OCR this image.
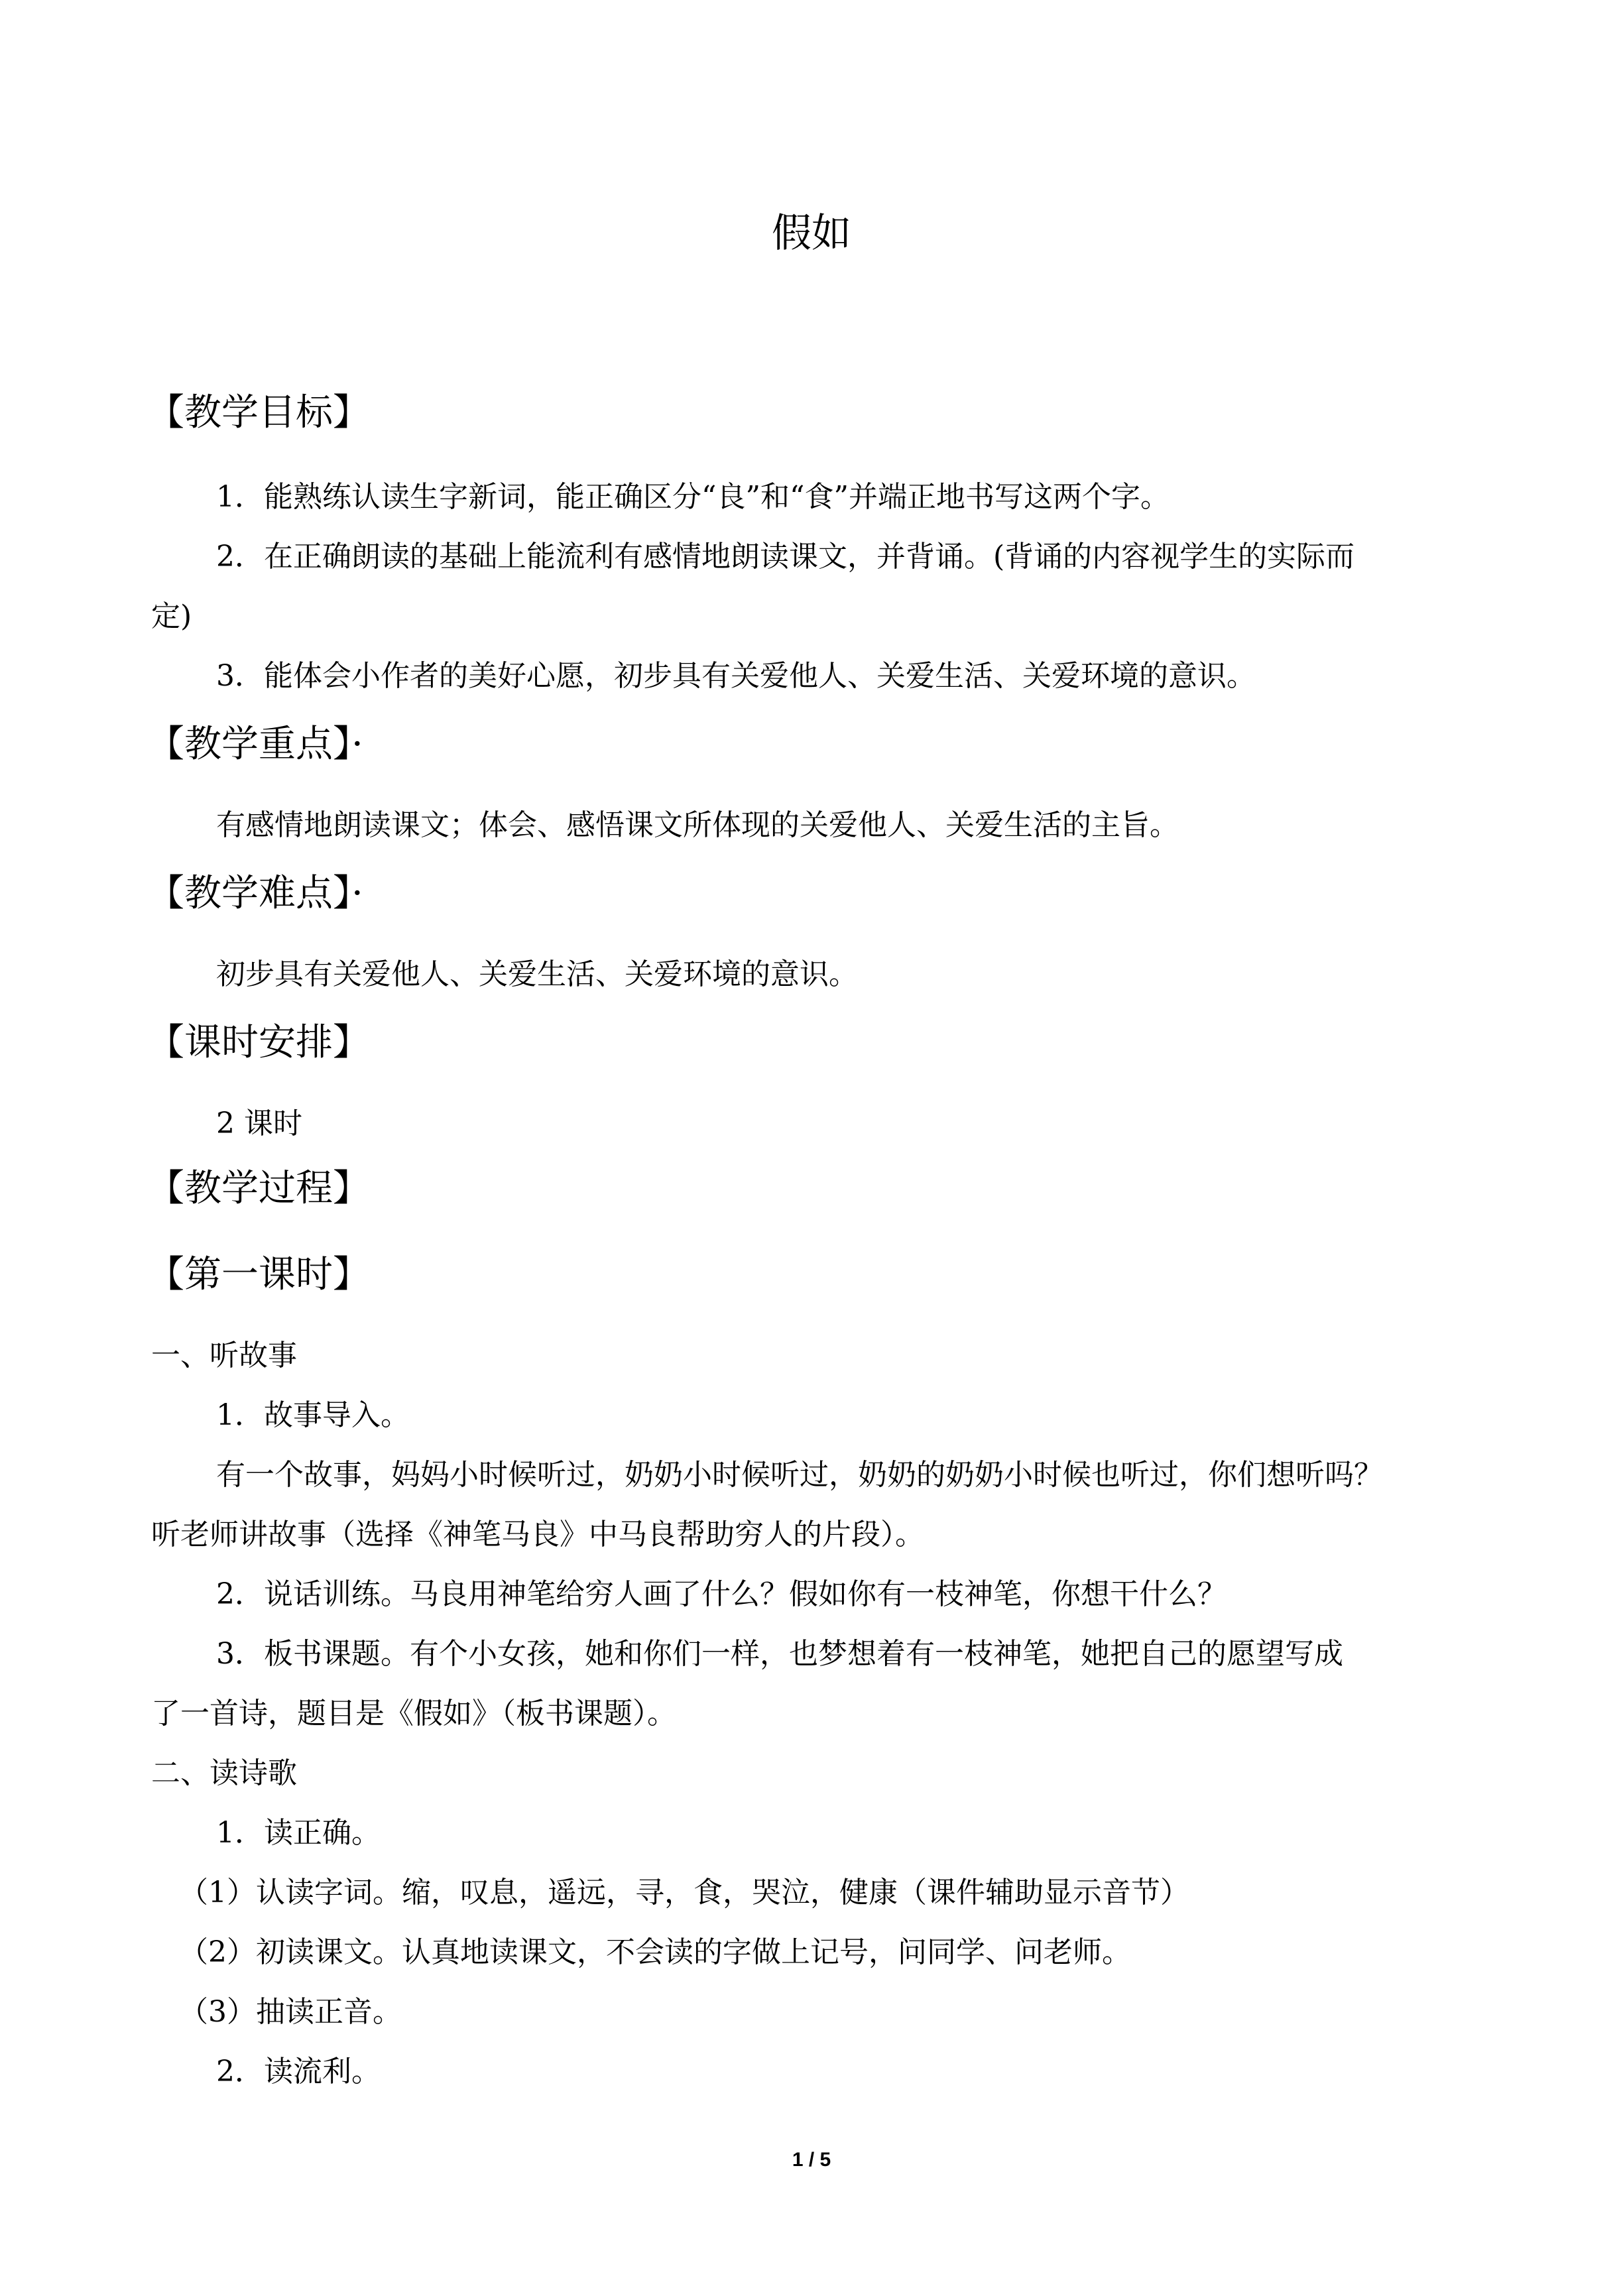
假如
【教学目标】
1．能熟练认读生字新词，能正确区分“良”和“食”并端正地书写这两个字。
2．在正确朗读的基础上能流利有感情地朗读课文，并背诵。(背诵的内容视学生的实际而
定)
3．能体会小作者的美好心愿，初步具有关爱他人、关爱生活、关爱环境的意识。
【教学重点】·
有感情地朗读课文；体会、感悟课文所体现的关爱他人、关爱生活的主旨。
【教学难点】·
初步具有关爱他人、关爱生活、关爱环境的意识。
【课时安排】
2 课时
【教学过程】
【第一课时】
一、听故事
1．故事导入。
有一个故事，妈妈小时候听过，奶奶小时候听过，奶奶的奶奶小时候也听过，你们想听吗？
听老师讲故事（选择《神笔马良》中马良帮助穷人的片段）。
2．说话训练。马良用神笔给穷人画了什么？假如你有一枝神笔，你想干什么？
3．板书课题。有个小女孩，她和你们一样，也梦想着有一枝神笔，她把自己的愿望写成
了一首诗，题目是《假如》（板书课题）。
二、读诗歌
1．读正确。
（1）认读字词。缩，叹息，遥远，寻，食，哭泣，健康（课件辅助显示音节）
（2）初读课文。认真地读课文，不会读的字做上记号，问同学、问老师。
（3）抽读正音。
2．读流利。
1 / 5
